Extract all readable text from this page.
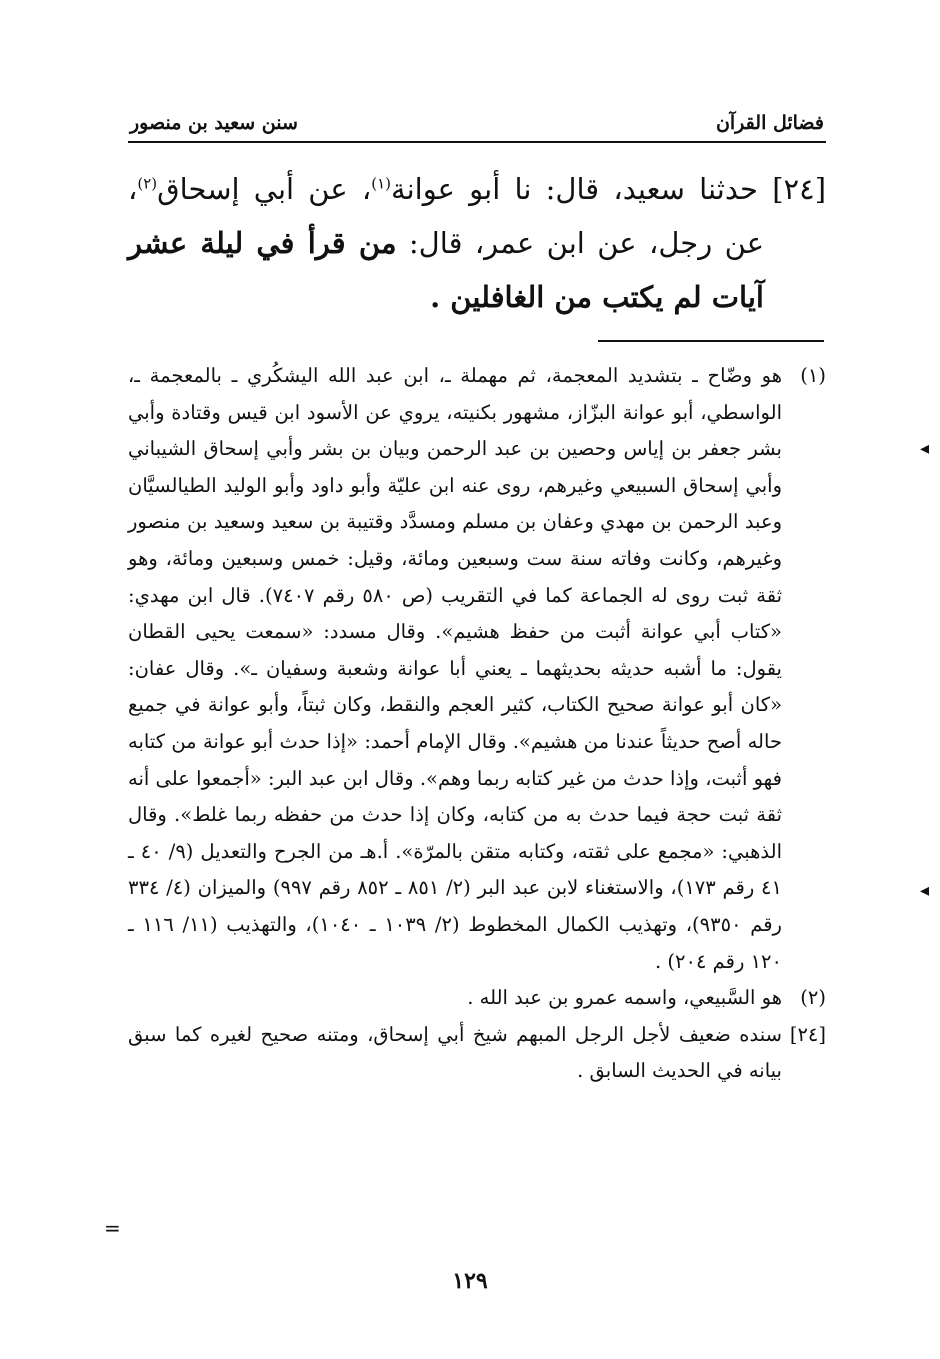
فضائل القرآن
سنن سعيد بن منصور
[٢٤] حدثنا سعيد، قال: نا أبو عوانة$^{(١)}$، عن أبي إسحاق$^{(٢)}$، عن رجل، عن ابن عمر، قال: من قرأ في ليلة عشر آيات لم يكتب من الغافلين .
(١)هو وضّاح ـ بتشديد المعجمة، ثم مهملة ـ، ابن عبد الله اليشكُري ـ بالمعجمة ـ، الواسطي، أبو عوانة البزّاز، مشهور بكنيته، يروي عن الأسود ابن قيس وقتادة وأبي بشر جعفر بن إياس وحصين بن عبد الرحمن وبيان بن بشر وأبي إسحاق الشيباني وأبي إسحاق السبيعي وغيرهم، روى عنه ابن عليّة وأبو داود وأبو الوليد الطيالسيَّان وعبد الرحمن بن مهدي وعفان بن مسلم ومسدَّد وقتيبة بن سعيد وسعيد بن منصور وغيرهم، وكانت وفاته سنة ست وسبعين ومائة، وقيل: خمس وسبعين ومائة، وهو ثقة ثبت روى له الجماعة كما في التقريب (ص ٥٨٠ رقم ٧٤٠٧). قال ابن مهدي: «كتاب أبي عوانة أثبت من حفظ هشيم». وقال مسدد: «سمعت يحيى القطان يقول: ما أشبه حديثه بحديثهما ـ يعني أبا عوانة وشعبة وسفيان ـ». وقال عفان: «كان أبو عوانة صحيح الكتاب، كثير العجم والنقط، وكان ثبتاً، وأبو عوانة في جميع حاله أصح حديثاً عندنا من هشيم». وقال الإمام أحمد: «إذا حدث أبو عوانة من كتابه فهو أثبت، وإذا حدث من غير كتابه ربما وهم». وقال ابن عبد البر: «أجمعوا على أنه ثقة ثبت حجة فيما حدث به من كتابه، وكان إذا حدث من حفظه ربما غلط». وقال الذهبي: «مجمع على ثقته، وكتابه متقن بالمرّة». أ.هـ من الجرح والتعديل (٩/ ٤٠ ـ ٤١ رقم ١٧٣)، والاستغناء لابن عبد البر (٢/ ٨٥١ ـ ٨٥٢ رقم ٩٩٧) والميزان (٤/ ٣٣٤ رقم ٩٣٥٠)، وتهذيب الكمال المخطوط (٢/ ١٠٣٩ ـ ١٠٤٠)، والتهذيب (١١/ ١١٦ ـ ١٢٠ رقم ٢٠٤) .
(٢)هو السَّبيعي، واسمه عمرو بن عبد الله .
[٢٤]سنده ضعيف لأجل الرجل المبهم شيخ أبي إسحاق، ومتنه صحيح لغيره كما سبق بيانه في الحديث السابق .
١٢٩
◂
◂
=
